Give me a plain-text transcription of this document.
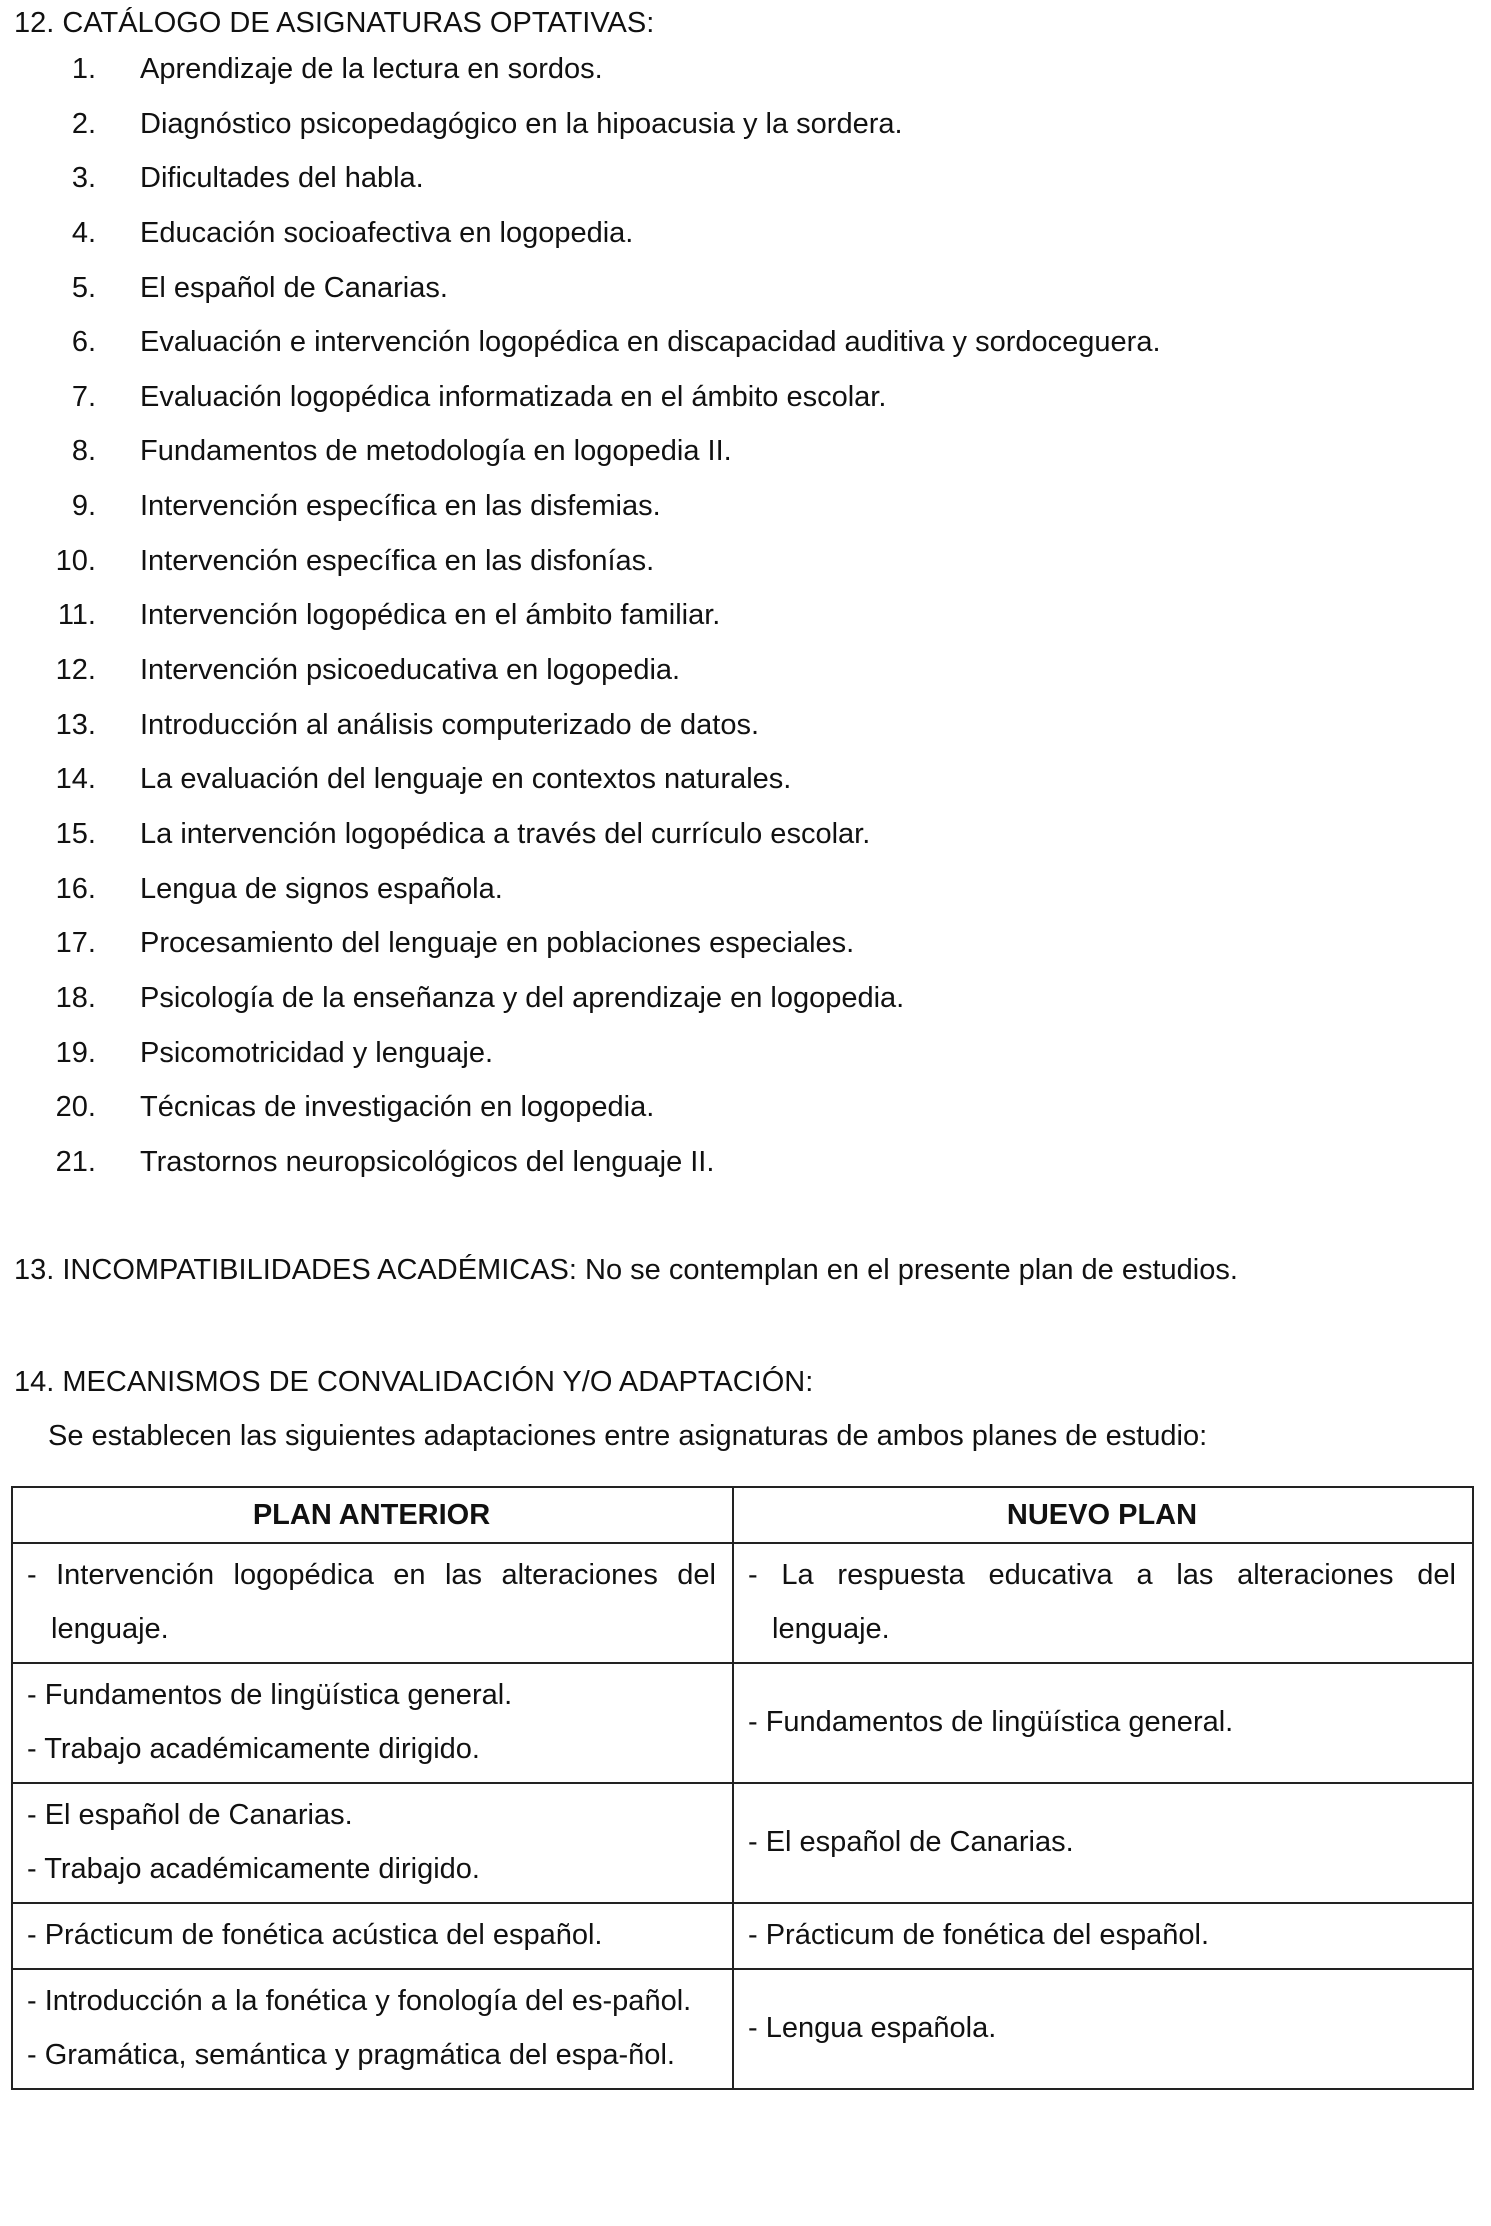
12. CATÁLOGO DE ASIGNATURAS OPTATIVAS:
1. Aprendizaje de la lectura en sordos.
2. Diagnóstico psicopedagógico en la hipoacusia y la sordera.
3. Dificultades del habla.
4. Educación socioafectiva en logopedia.
5. El español de Canarias.
6. Evaluación e intervención logopédica en discapacidad auditiva y sordoceguera.
7. Evaluación logopédica informatizada en el ámbito escolar.
8. Fundamentos de metodología en logopedia II.
9. Intervención específica en las disfemias.
10. Intervención específica en las disfonías.
11. Intervención logopédica en el ámbito familiar.
12. Intervención psicoeducativa en logopedia.
13. Introducción al análisis computerizado de datos.
14. La evaluación del lenguaje en contextos naturales.
15. La intervención logopédica a través del currículo escolar.
16. Lengua de signos española.
17. Procesamiento del lenguaje en poblaciones especiales.
18. Psicología de la enseñanza y del aprendizaje en logopedia.
19. Psicomotricidad y lenguaje.
20. Técnicas de investigación en logopedia.
21. Trastornos neuropsicológicos del lenguaje II.
13. INCOMPATIBILIDADES ACADÉMICAS: No se contemplan en el presente plan de estudios.
14. MECANISMOS DE CONVALIDACIÓN Y/O ADAPTACIÓN:
Se establecen las siguientes adaptaciones entre asignaturas de ambos planes de estudio:
PLAN ANTERIOR	NUEVO PLAN

- Intervención logopédica en las alteraciones del lenguaje.	- La respuesta educativa a las alteraciones del lenguaje.

- Fundamentos de lingüística general.
- Trabajo académicamente dirigido.	- Fundamentos de lingüística general.

- El español de Canarias.
- Trabajo académicamente dirigido.	- El español de Canarias.

- Prácticum de fonética acústica del español.	- Prácticum de fonética del español.

- Introducción a la fonética y fonología del es-pañol.
- Gramática, semántica y pragmática del espa-ñol.	- Lengua española.
